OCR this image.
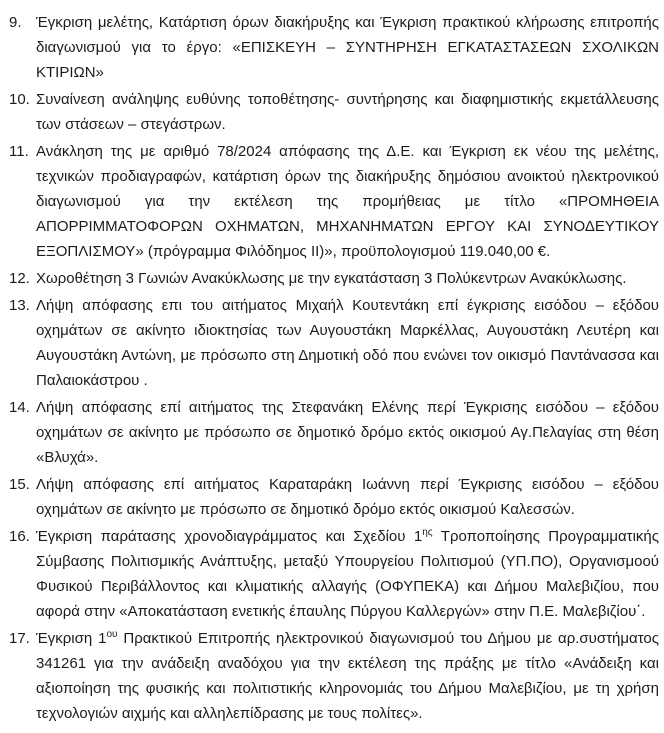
9. Έγκριση μελέτης, Κατάρτιση όρων διακήρυξης και Έγκριση πρακτικού κλήρωσης επιτροπής διαγωνισμού για το έργο: «ΕΠΙΣΚΕΥΗ – ΣΥΝΤΗΡΗΣΗ ΕΓΚΑΤΑΣΤΑΣΕΩΝ ΣΧΟΛΙΚΩΝ ΚΤΙΡΙΩΝ»
10. Συναίνεση ανάληψης ευθύνης τοποθέτησης- συντήρησης και διαφημιστικής εκμετάλλευσης των στάσεων – στεγάστρων.
11. Ανάκληση της με αριθμό 78/2024 απόφασης της Δ.Ε. και Έγκριση εκ νέου της μελέτης, τεχνικών προδιαγραφών, κατάρτιση όρων της διακήρυξης δημόσιου ανοικτού ηλεκτρονικού διαγωνισμού για την εκτέλεση της προμήθειας με τίτλο «ΠΡΟΜΗΘΕΙΑ ΑΠΟΡΡΙΜΜΑΤΟΦΟΡΩΝ ΟΧΗΜΑΤΩΝ, ΜΗΧΑΝΗΜΑΤΩΝ ΕΡΓΟΥ ΚΑΙ ΣΥΝΟΔΕΥΤΙΚΟΥ ΕΞΟΠΛΙΣΜΟΥ» (πρόγραμμα Φιλόδημος II)», προϋπολογισμού 119.040,00 €.
12. Χωροθέτηση 3 Γωνιών Ανακύκλωσης με την εγκατάσταση 3 Πολύκεντρων Ανακύκλωσης.
13. Λήψη απόφασης επι του αιτήματος Μιχαήλ Κουτεντάκη επί έγκρισης εισόδου – εξόδου οχημάτων σε ακίνητο ιδιοκτησίας των Αυγουστάκη Μαρκέλλας, Αυγουστάκη Λευτέρη και Αυγουστάκη Αντώνη, με πρόσωπο στη Δημοτική οδό που ενώνει τον οικισμό Παντάνασσα και Παλαιοκάστρου .
14. Λήψη απόφασης επί αιτήματος της Στεφανάκη Ελένης περί Έγκρισης εισόδου – εξόδου οχημάτων σε ακίνητο με πρόσωπο σε δημοτικό δρόμο εκτός οικισμού Αγ.Πελαγίας στη θέση «Βλυχά».
15. Λήψη απόφασης επί αιτήματος Καραταράκη Ιωάννη περί Έγκρισης εισόδου – εξόδου οχημάτων σε ακίνητο με πρόσωπο σε δημοτικό δρόμο εκτός οικισμού Καλεσσών.
16. Έγκριση παράτασης χρονοδιαγράμματος και Σχεδίου $1^{\eta\varsigma}$ Τροποποίησης Προγραμματικής Σύμβασης Πολιτισμικής Ανάπτυξης, μεταξύ Υπουργείου Πολιτισμού (ΥΠ.ΠΟ), Οργανισμοού Φυσικού Περιβάλλοντος και κλιματικής αλλαγής (ΟΦΥΠΕΚΑ) και Δήμου Μαλεβιζίου, που αφορά στην «Αποκατάσταση ενετικής έπαυλης Πύργου Καλλεργών» στην Π.Ε. Μαλεβιζίου΄.
17. Έγκριση $1^{o\upsilon}$ Πρακτικού Επιτροπής ηλεκτρονικού διαγωνισμού του Δήμου με αρ.συστήματος 341261 για την ανάδειξη αναδόχου για την εκτέλεση της πράξης με τίτλο «Ανάδειξη και αξιοποίηση της φυσικής και πολιτιστικής κληρονομιάς του Δήμου Μαλεβιζίου, με τη χρήση τεχνολογιών αιχμής και αλληλεπίδρασης με τους πολίτες».
